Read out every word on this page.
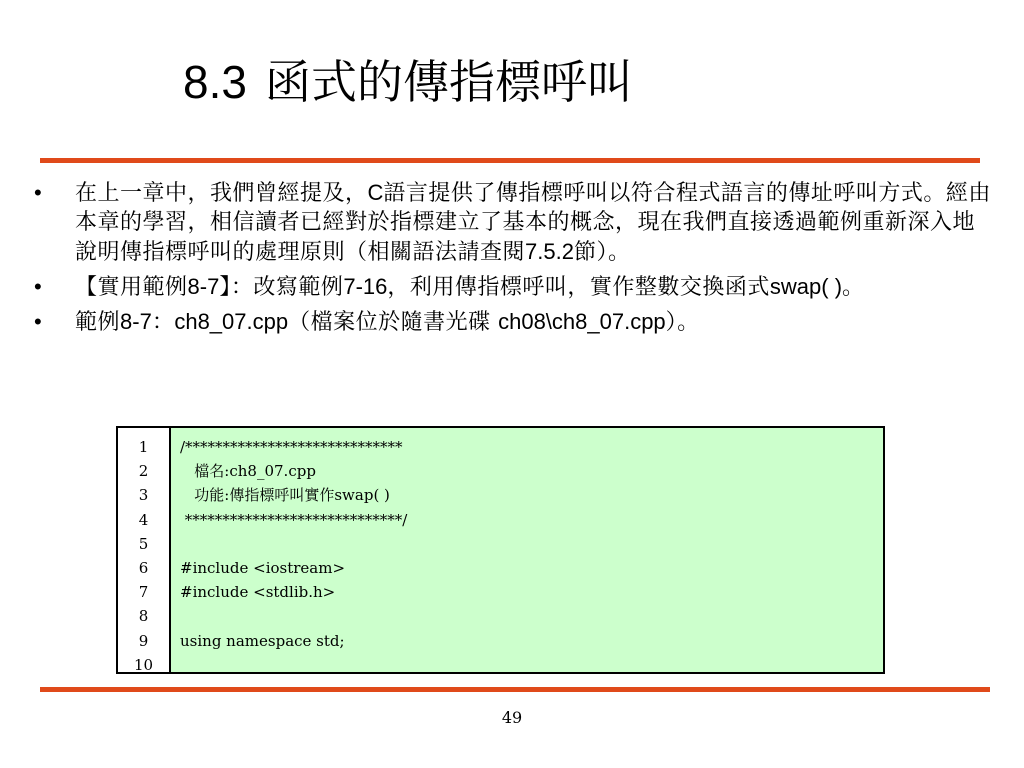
8.3 函式的傳指標呼叫
• 在上一章中，我們曾經提及，C語言提供了傳指標呼叫以符合程式語言的傳址呼叫方式。經由本章的學習，相信讀者已經對於指標建立了基本的概念，現在我們直接透過範例重新深入地說明傳指標呼叫的處理原則（相關語法請查閱7.5.2節）。
• 【實用範例8-7】：改寫範例7-16，利用傳指標呼叫，實作整數交換函式swap( )。
• 範例8-7：ch8_07.cpp（檔案位於隨書光碟 ch08\ch8_07.cpp）。
1
2
3
4
5
6
7
8
9
10
/*****************************
檔名:ch8_07.cpp
功能:傳指標呼叫實作swap( )
*****************************/
#include <iostream>
#include <stdlib.h>
using namespace std;
49
